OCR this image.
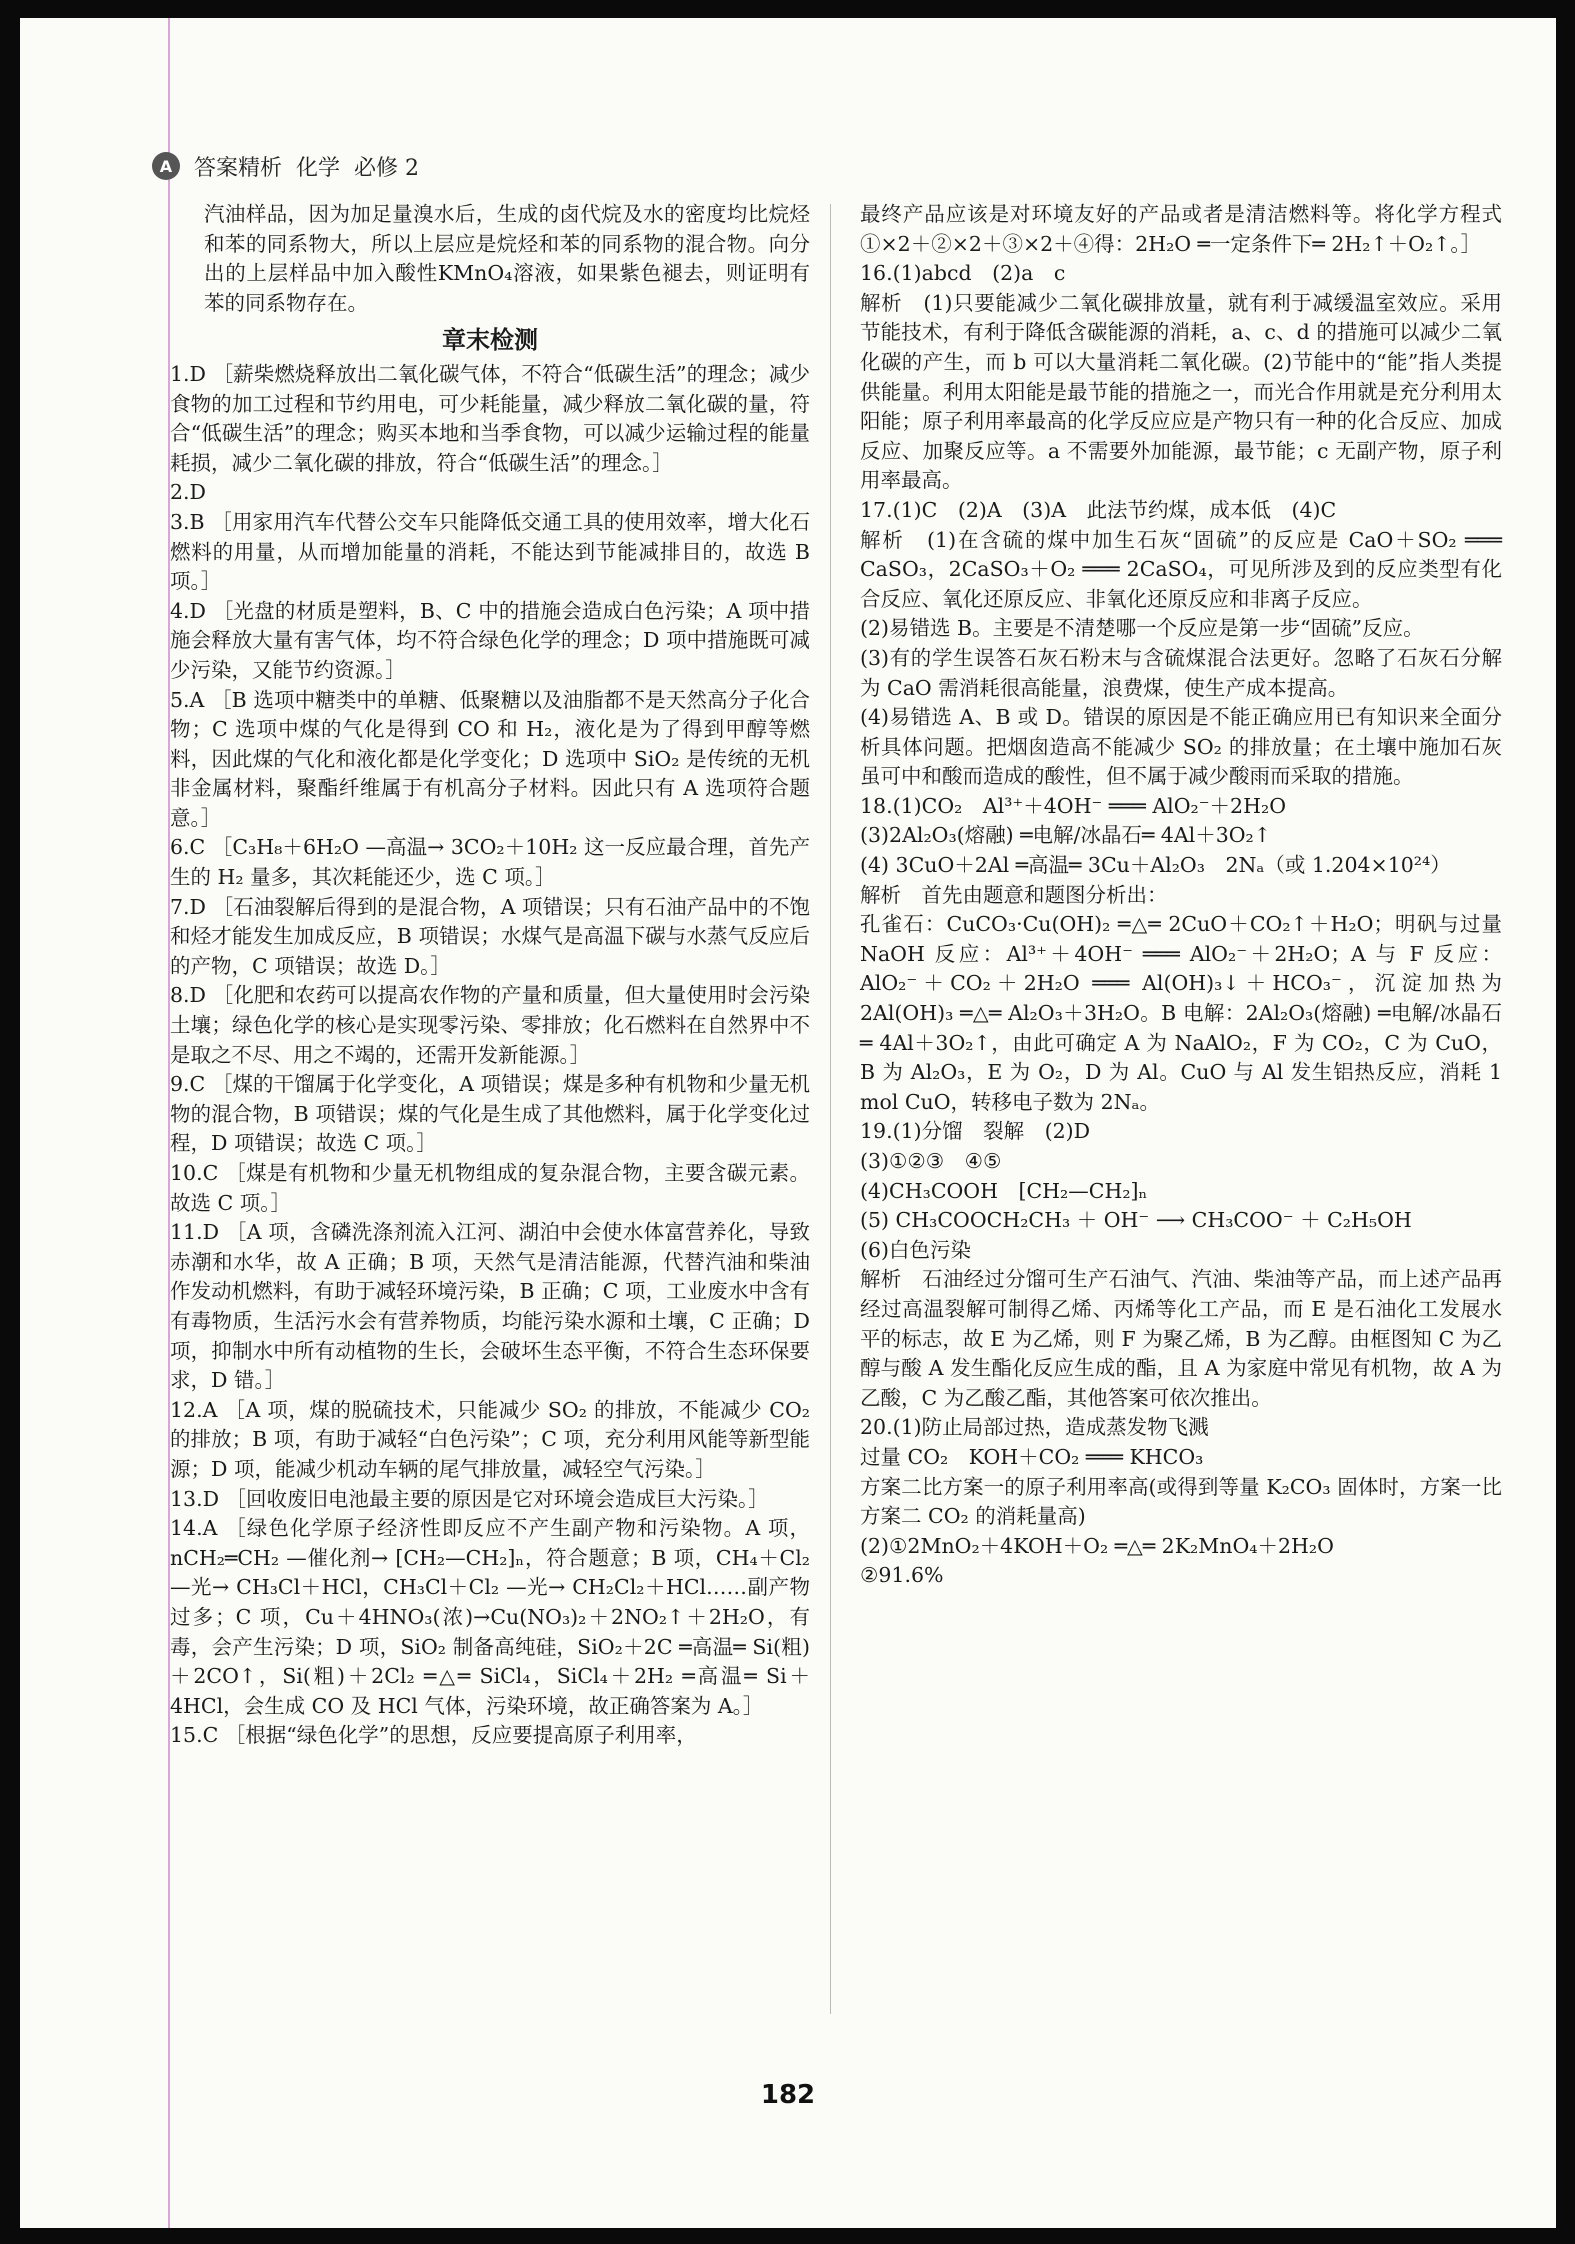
A 答案精析 化学 必修 2

汽油样品，因为加足量溴水后，生成的卤代烷及水的密度均比烷烃和苯的同系物大，所以上层应是烷烃和苯的同系物的混合物。向分出的上层样品中加入酸性KMnO₄溶液，如果紫色褪去，则证明有苯的同系物存在。

章末检测

1.D ［薪柴燃烧释放出二氧化碳气体，不符合“低碳生活”的理念；减少食物的加工过程和节约用电，可少耗能量，减少释放二氧化碳的量，符合“低碳生活”的理念；购买本地和当季食物，可以减少运输过程的能量耗损，减少二氧化碳的排放，符合“低碳生活”的理念。］

2.D

3.B ［用家用汽车代替公交车只能降低交通工具的使用效率，增大化石燃料的用量，从而增加能量的消耗，不能达到节能减排目的，故选 B 项。］

4.D ［光盘的材质是塑料，B、C 中的措施会造成白色污染；A 项中措施会释放大量有害气体，均不符合绿色化学的理念；D 项中措施既可减少污染，又能节约资源。］

5.A ［B 选项中糖类中的单糖、低聚糖以及油脂都不是天然高分子化合物；C 选项中煤的气化是得到 CO 和 H₂，液化是为了得到甲醇等燃料，因此煤的气化和液化都是化学变化；D 选项中 SiO₂ 是传统的无机非金属材料，聚酯纤维属于有机高分子材料。因此只有 A 选项符合题意。］

6.C ［C₃H₈＋6H₂O —高温→ 3CO₂＋10H₂ 这一反应最合理，首先产生的 H₂ 量多，其次耗能还少，选 C 项。］

7.D ［石油裂解后得到的是混合物，A 项错误；只有石油产品中的不饱和烃才能发生加成反应，B 项错误；水煤气是高温下碳与水蒸气反应后的产物，C 项错误；故选 D。］

8.D ［化肥和农药可以提高农作物的产量和质量，但大量使用时会污染土壤；绿色化学的核心是实现零污染、零排放；化石燃料在自然界中不是取之不尽、用之不竭的，还需开发新能源。］

9.C ［煤的干馏属于化学变化，A 项错误；煤是多种有机物和少量无机物的混合物，B 项错误；煤的气化是生成了其他燃料，属于化学变化过程，D 项错误；故选 C 项。］

10.C ［煤是有机物和少量无机物组成的复杂混合物，主要含碳元素。故选 C 项。］

11.D ［A 项，含磷洗涤剂流入江河、湖泊中会使水体富营养化，导致赤潮和水华，故 A 正确；B 项，天然气是清洁能源，代替汽油和柴油作发动机燃料，有助于减轻环境污染，B 正确；C 项，工业废水中含有有毒物质，生活污水会有营养物质，均能污染水源和土壤，C 正确；D 项，抑制水中所有动植物的生长，会破坏生态平衡，不符合生态环保要求，D 错。］

12.A ［A 项，煤的脱硫技术，只能减少 SO₂ 的排放，不能减少 CO₂ 的排放；B 项，有助于减轻“白色污染”；C 项，充分利用风能等新型能源；D 项，能减少机动车辆的尾气排放量，减轻空气污染。］

13.D ［回收废旧电池最主要的原因是它对环境会造成巨大污染。］

14.A ［绿色化学原子经济性即反应不产生副产物和污染物。A 项，nCH₂═CH₂ —催化剂→ [CH₂—CH₂]ₙ，符合题意；B 项，CH₄＋Cl₂ —光→ CH₃Cl＋HCl，CH₃Cl＋Cl₂ —光→ CH₂Cl₂＋HCl……副产物过多；C 项，Cu＋4HNO₃(浓)→Cu(NO₃)₂＋2NO₂↑＋2H₂O，有毒，会产生污染；D 项，SiO₂ 制备高纯硅，SiO₂＋2C ═高温═ Si(粗)＋2CO↑，Si(粗)＋2Cl₂ ═△═ SiCl₄，SiCl₄＋2H₂ ═高温═ Si＋4HCl，会生成 CO 及 HCl 气体，污染环境，故正确答案为 A。］

15.C ［根据“绿色化学”的思想，反应要提高原子利用率，

最终产品应该是对环境友好的产品或者是清洁燃料等。将化学方程式①×2＋②×2＋③×2＋④得：2H₂O ═一定条件下═ 2H₂↑＋O₂↑。］

16.(1)abcd　(2)a　c

解析　(1)只要能减少二氧化碳排放量，就有利于减缓温室效应。采用节能技术，有利于降低含碳能源的消耗，a、c、d 的措施可以减少二氧化碳的产生，而 b 可以大量消耗二氧化碳。(2)节能中的“能”指人类提供能量。利用太阳能是最节能的措施之一，而光合作用就是充分利用太阳能；原子利用率最高的化学反应应是产物只有一种的化合反应、加成反应、加聚反应等。a 不需要外加能源，最节能；c 无副产物，原子利用率最高。

17.(1)C　(2)A　(3)A　此法节约煤，成本低　(4)C

解析　(1)在含硫的煤中加生石灰“固硫”的反应是 CaO＋SO₂ ═══ CaSO₃，2CaSO₃＋O₂ ═══ 2CaSO₄，可见所涉及到的反应类型有化合反应、氧化还原反应、非氧化还原反应和非离子反应。

(2)易错选 B。主要是不清楚哪一个反应是第一步“固硫”反应。

(3)有的学生误答石灰石粉末与含硫煤混合法更好。忽略了石灰石分解为 CaO 需消耗很高能量，浪费煤，使生产成本提高。

(4)易错选 A、B 或 D。错误的原因是不能正确应用已有知识来全面分析具体问题。把烟囱造高不能减少 SO₂ 的排放量；在土壤中施加石灰虽可中和酸而造成的酸性，但不属于减少酸雨而采取的措施。

18.(1)CO₂　Al³⁺＋4OH⁻ ═══ AlO₂⁻＋2H₂O

(3)2Al₂O₃(熔融) ═电解/冰晶石═ 4Al＋3O₂↑

(4) 3CuO＋2Al ═高温═ 3Cu＋Al₂O₃　2Nₐ（或 1.204×10²⁴）

解析　首先由题意和题图分析出：

孔雀石：CuCO₃·Cu(OH)₂ ═△═ 2CuO＋CO₂↑＋H₂O；明矾与过量 NaOH 反应：Al³⁺＋4OH⁻ ═══ AlO₂⁻＋2H₂O；A 与 F 反应：AlO₂⁻＋CO₂＋2H₂O ═══ Al(OH)₃↓＋HCO₃⁻，沉淀加热为 2Al(OH)₃ ═△═ Al₂O₃＋3H₂O。B 电解：2Al₂O₃(熔融) ═电解/冰晶石═ 4Al＋3O₂↑，由此可确定 A 为 NaAlO₂，F 为 CO₂，C 为 CuO，B 为 Al₂O₃，E 为 O₂，D 为 Al。CuO 与 Al 发生铝热反应，消耗 1 mol CuO，转移电子数为 2Nₐ。

19.(1)分馏　裂解　(2)D

(3)①②③　④⑤

(4)CH₃COOH　[CH₂—CH₂]ₙ

(5) CH₃COOCH₂CH₃ ＋ OH⁻ ⟶ CH₃COO⁻ ＋ C₂H₅OH

(6)白色污染

解析　石油经过分馏可生产石油气、汽油、柴油等产品，而上述产品再经过高温裂解可制得乙烯、丙烯等化工产品，而 E 是石油化工发展水平的标志，故 E 为乙烯，则 F 为聚乙烯，B 为乙醇。由框图知 C 为乙醇与酸 A 发生酯化反应生成的酯，且 A 为家庭中常见有机物，故 A 为乙酸，C 为乙酸乙酯，其他答案可依次推出。

20.(1)防止局部过热，造成蒸发物飞溅

过量 CO₂　KOH＋CO₂ ═══ KHCO₃

方案二比方案一的原子利用率高(或得到等量 K₂CO₃ 固体时，方案一比方案二 CO₂ 的消耗量高)

(2)①2MnO₂＋4KOH＋O₂ ═△═ 2K₂MnO₄＋2H₂O

②91.6%

182
